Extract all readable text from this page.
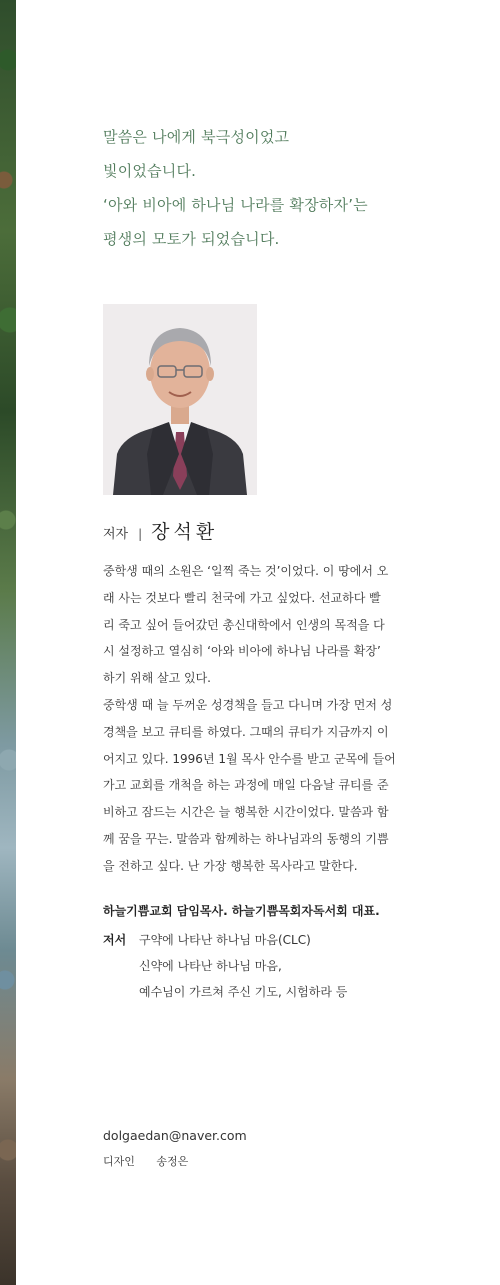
말씀은 나에게 북극성이었고
빛이었습니다.
‘아와 비아에 하나님 나라를 확장하자’는
평생의 모토가 되었습니다.
저자 | 장석환
중학생 때의 소원은 ‘일찍 죽는 것’이었다. 이 땅에서 오
래 사는 것보다 빨리 천국에 가고 싶었다. 선교하다 빨
리 죽고 싶어 들어갔던 총신대학에서 인생의 목적을 다
시 설정하고 열심히 ‘아와 비아에 하나님 나라를 확장’
하기 위해 살고 있다.
중학생 때 늘 두꺼운 성경책을 들고 다니며 가장 먼저 성
경책을 보고 큐티를 하였다. 그때의 큐티가 지금까지 이
어지고 있다. 1996년 1월 목사 안수를 받고 군목에 들어
가고 교회를 개척을 하는 과정에 매일 다음날 큐티를 준
비하고 잠드는 시간은 늘 행복한 시간이었다. 말씀과 함
께 꿈을 꾸는. 말씀과 함께하는 하나님과의 동행의 기쁨
을 전하고 싶다. 난 가장 행복한 목사라고 말한다.
하늘기쁨교회 담임목사. 하늘기쁨목회자독서회 대표.
저서	구약에 나타난 하나님 마음(CLC)
신약에 나타난 하나님 마음,
예수님이 가르쳐 주신 기도, 시험하라 등
dolgaedan@naver.com
디자인 송정은
